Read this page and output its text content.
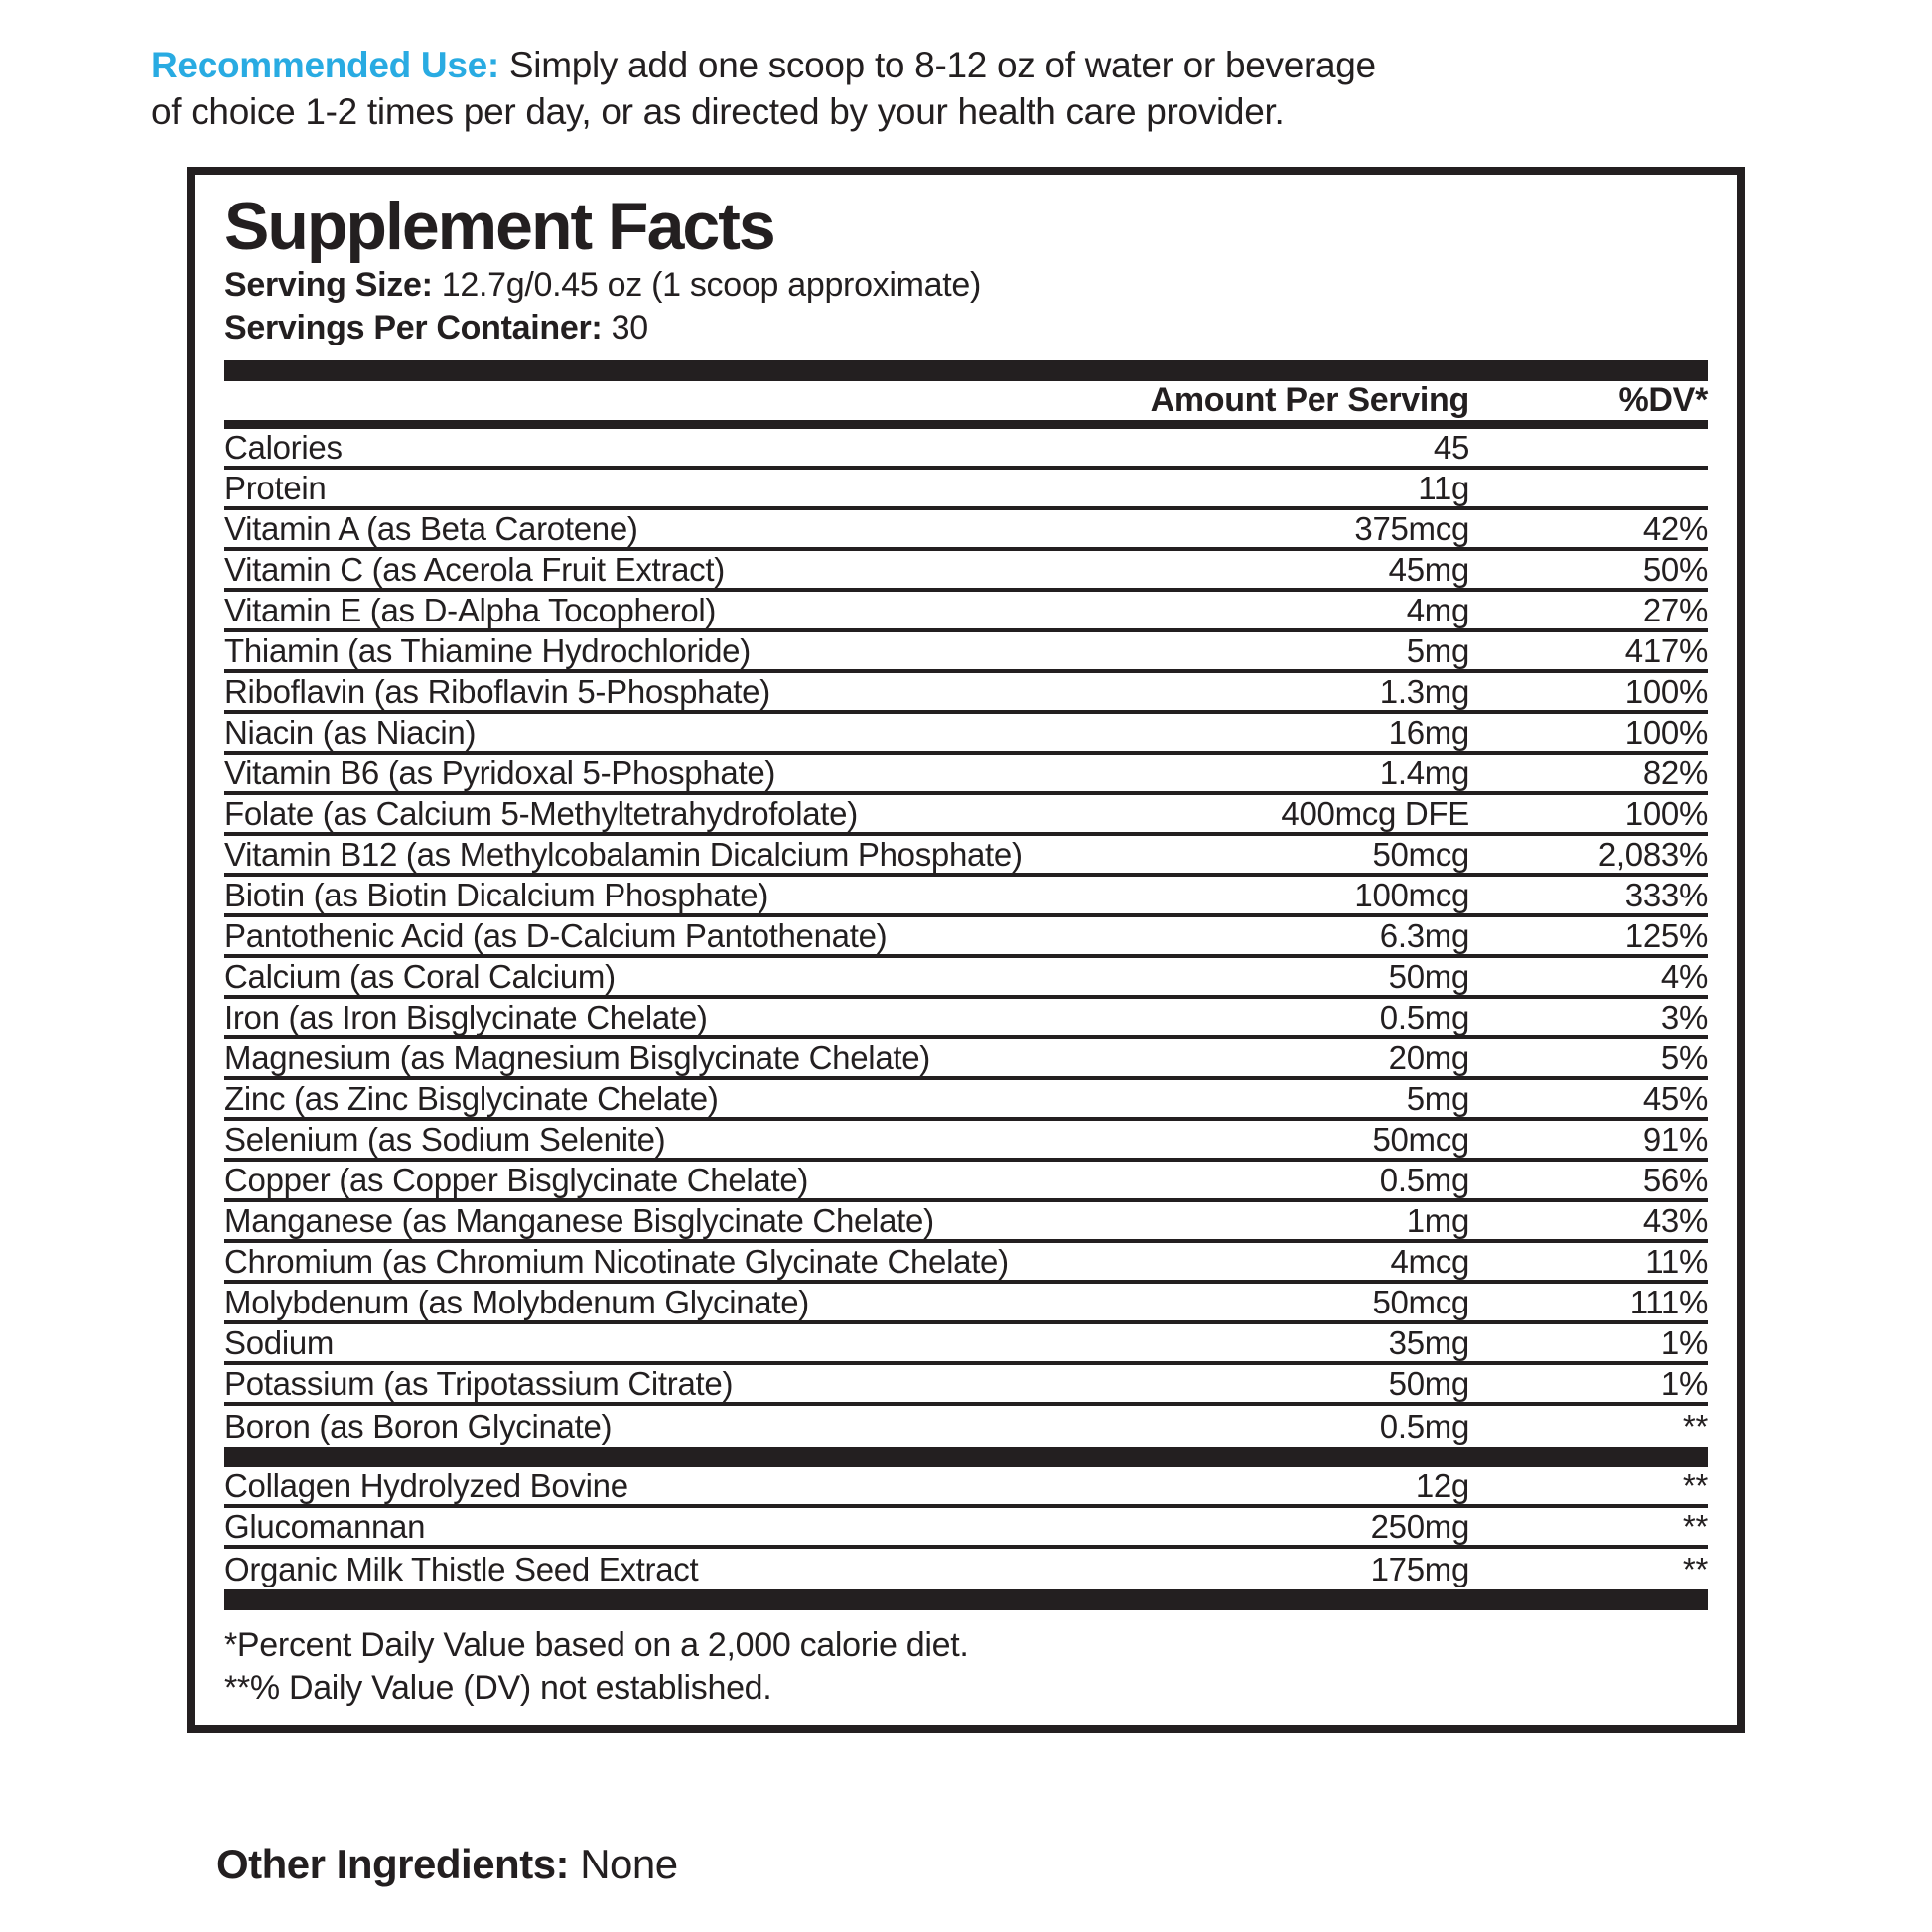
Recommended Use: Simply add one scoop to 8-12 oz of water or beverage of choice 1-2 times per day, or as directed by your health care provider.

Supplement Facts

Serving Size: 12.7g/0.45 oz (1 scoop approximate)

Servings Per Container: 30

Amount Per Serving	%DV*
Calories	45
Protein	11g
Vitamin A (as Beta Carotene)	375mcg	42%
Vitamin C (as Acerola Fruit Extract)	45mg	50%
Vitamin E (as D-Alpha Tocopherol)	4mg	27%
Thiamin (as Thiamine Hydrochloride)	5mg	417%
Riboflavin (as Riboflavin 5-Phosphate)	1.3mg	100%
Niacin (as Niacin)	16mg	100%
Vitamin B6 (as Pyridoxal 5-Phosphate)	1.4mg	82%
Folate (as Calcium 5-Methyltetrahydrofolate)	400mcg DFE	100%
Vitamin B12 (as Methylcobalamin Dicalcium Phosphate)	50mcg	2,083%
Biotin (as Biotin Dicalcium Phosphate)	100mcg	333%
Pantothenic Acid (as D-Calcium Pantothenate)	6.3mg	125%
Calcium (as Coral Calcium)	50mg	4%
Iron (as Iron Bisglycinate Chelate)	0.5mg	3%
Magnesium (as Magnesium Bisglycinate Chelate)	20mg	5%
Zinc (as Zinc Bisglycinate Chelate)	5mg	45%
Selenium (as Sodium Selenite)	50mcg	91%
Copper (as Copper Bisglycinate Chelate)	0.5mg	56%
Manganese (as Manganese Bisglycinate Chelate)	1mg	43%
Chromium (as Chromium Nicotinate Glycinate Chelate)	4mcg	11%
Molybdenum (as Molybdenum Glycinate)	50mcg	111%
Sodium	35mg	1%
Potassium (as Tripotassium Citrate)	50mg	1%
Boron (as Boron Glycinate)	0.5mg	**
Collagen Hydrolyzed Bovine	12g	**
Glucomannan	250mg	**
Organic Milk Thistle Seed Extract	175mg	**

*Percent Daily Value based on a 2,000 calorie diet.

**% Daily Value (DV) not established.

Other Ingredients: None
